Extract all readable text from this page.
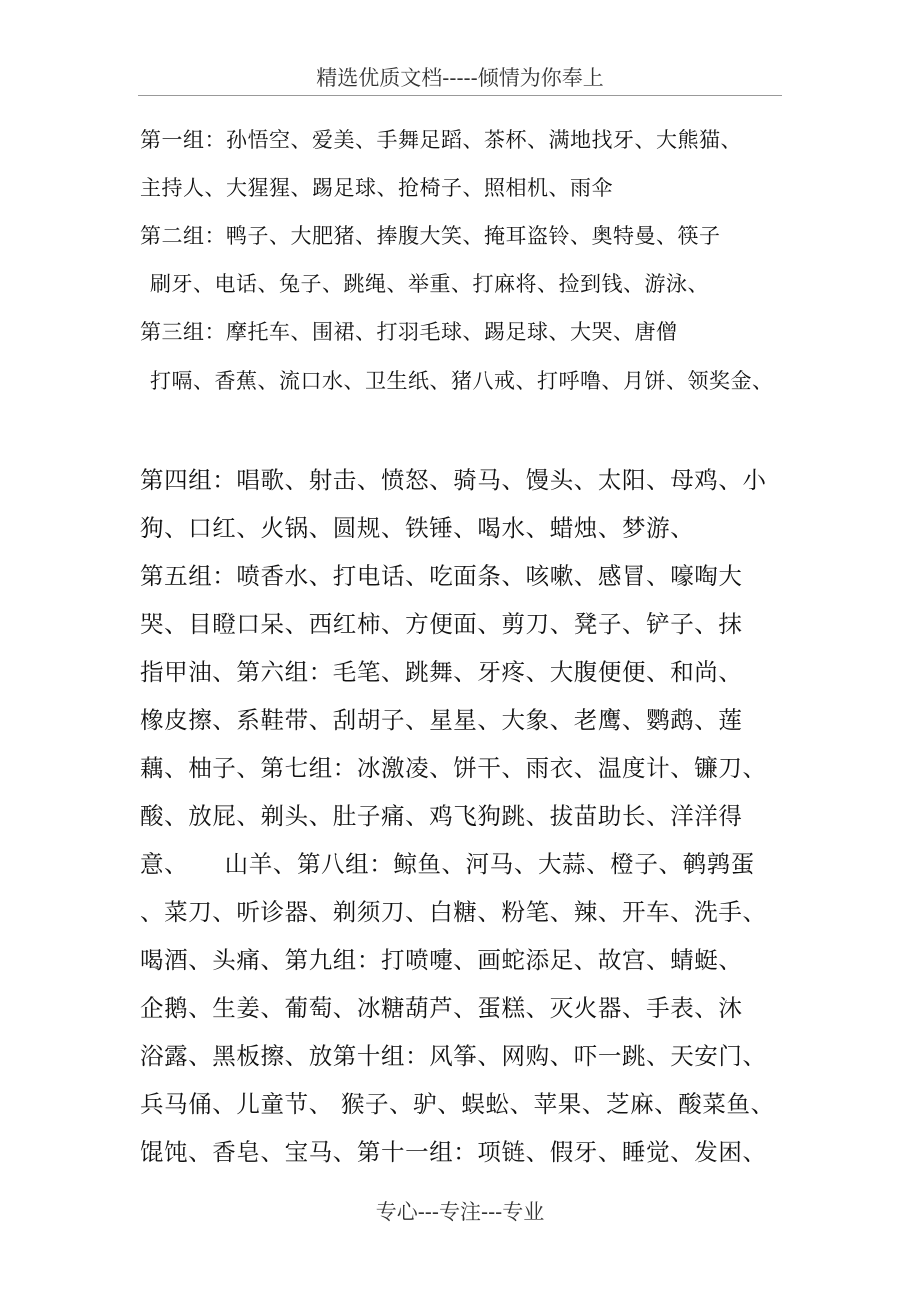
精选优质文档-----倾情为你奉上
第一组：孙悟空、爱美、手舞足蹈、茶杯、满地找牙、大熊猫、
主持人、大猩猩、踢足球、抢椅子、照相机、雨伞
第二组：鸭子、大肥猪、捧腹大笑、掩耳盗铃、奥特曼、筷子
刷牙、电话、兔子、跳绳、举重、打麻将、捡到钱、游泳、
第三组：摩托车、围裙、打羽毛球、踢足球、大哭、唐僧
打嗝、香蕉、流口水、卫生纸、猪八戒、打呼噜、月饼、领奖金、
第四组：唱歌、射击、愤怒、骑马、馒头、太阳、母鸡、小
狗、口红、火锅、圆规、铁锤、喝水、蜡烛、梦游、
第五组：喷香水、打电话、吃面条、咳嗽、感冒、嚎啕大
哭、目瞪口呆、西红柿、方便面、剪刀、凳子、铲子、抹
指甲油、第六组：毛笔、跳舞、牙疼、大腹便便、和尚、
橡皮擦、系鞋带、刮胡子、星星、大象、老鹰、鹦鹉、莲
藕、柚子、第七组：冰激凌、饼干、雨衣、温度计、镰刀、
酸、放屁、剃头、肚子痛、鸡飞狗跳、拔苗助长、洋洋得
意、　　山羊、第八组：鲸鱼、河马、大蒜、橙子、鹌鹑蛋
、菜刀、听诊器、剃须刀、白糖、粉笔、辣、开车、洗手、
喝酒、头痛、第九组：打喷嚏、画蛇添足、故宫、蜻蜓、
企鹅、生姜、葡萄、冰糖葫芦、蛋糕、灭火器、手表、沐
浴露、黑板擦、放第十组：风筝、网购、吓一跳、天安门、
兵马俑、儿童节、 猴子、驴、蜈蚣、苹果、芝麻、酸菜鱼、
馄饨、香皂、宝马、第十一组：项链、假牙、睡觉、发困、
专心---专注---专业
